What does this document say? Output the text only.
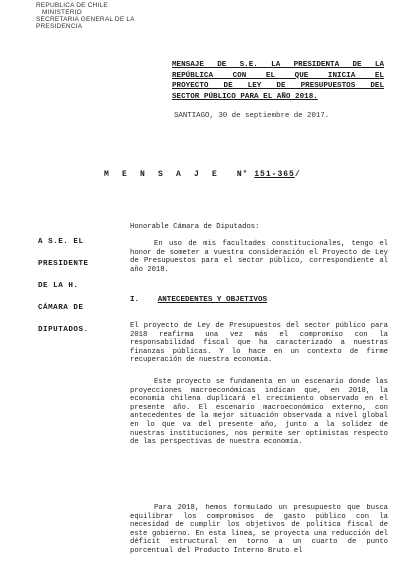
REPUBLICA DE CHILE
MINISTERIO
SECRETARIA GENERAL DE LA PRESIDENCIA
MENSAJE DE S.E. LA PRESIDENTA DE LA
REPÚBLICA CON EL QUE INICIA EL
PROYECTO DE LEY DE PRESUPUESTOS DEL
SECTOR PÚBLICO PARA EL AÑO 2018.
SANTIAGO, 30 de septiembre de 2017.
M E N S A J E N° 151-365/
A S.E. EL
PRESIDENTE
DE LA H.
CÁMARA DE
DIPUTADOS.
Honorable Cámara de Diputados:
En uso de mis facultades constitucionales, tengo el honor de someter a vuestra consideración el Proyecto de Ley de Presupuestos para el sector público, correspondiente al año 2018.
I. ANTECEDENTES Y OBJETIVOS
El proyecto de Ley de Presupuestos del sector público para 2018 reafirma una vez más el compromiso con la responsabilidad fiscal que ha caracterizado a nuestras finanzas públicas. Y lo hace en un contexto de firme recuperación de nuestra economía.
Este proyecto se fundamenta en un escenario donde las proyecciones macroeconómicas indican que, en 2018, la economía chilena duplicará el crecimiento observado en el presente año. El escenario macroeconómico externo, con antecedentes de la mejor situación observada a nivel global en lo que va del presente año, junto a la solidez de nuestras instituciones, nos permite ser optimistas respecto de las perspectivas de nuestra economía.
Para 2018, hemos formulado un presupuesto que busca equilibrar los compromisos de gasto público con la necesidad de cumplir los objetivos de política fiscal de este gobierno. En esta línea, se proyecta una reducción del déficit estructural en torno a un cuarto de punto porcentual del Producto Interno Bruto el
